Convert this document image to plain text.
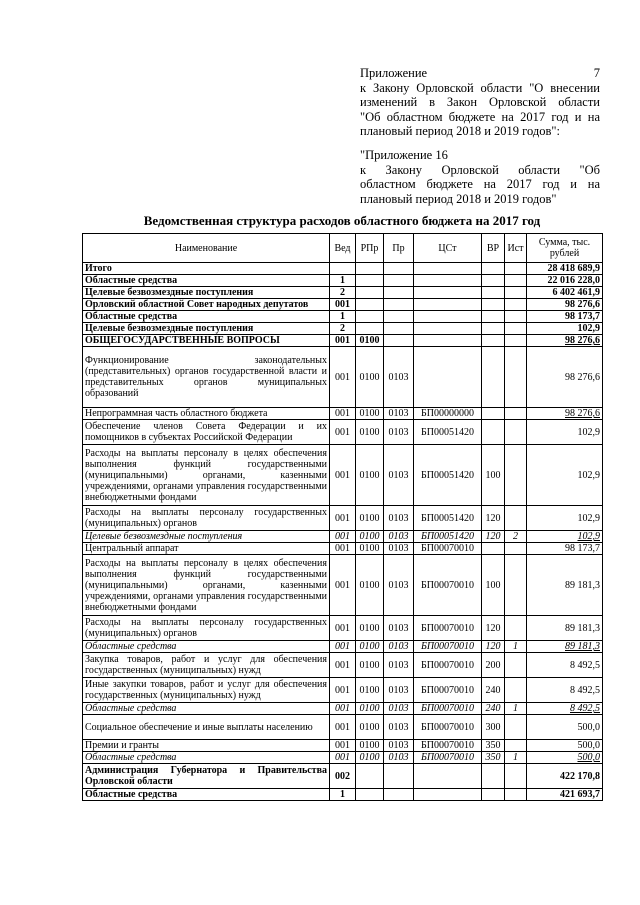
Приложение 7
к Закону Орловской области "О внесении
изменений в Закон Орловской области
"Об областном бюджете на 2017 год и на
плановый период 2018 и 2019 годов":
"Приложение 16
к Закону Орловской области "Об
областном бюджете на 2017 год и на
плановый период 2018 и 2019 годов"
Ведомственная структура расходов областного бюджета на 2017 год
Наименование	Вед	РПр	Пр	ЦСт	ВР	Ист	Сумма, тыс. рублей
Итого							28 418 689,9
Областные средства	1						22 016 228,0
Целевые безвозмездные поступления	2						6 402 461,9
Орловский областной Совет народных депутатов	001						98 276,6
Областные средства	1						98 173,7
Целевые безвозмездные поступления	2						102,9
ОБЩЕГОСУДАРСТВЕННЫЕ ВОПРОСЫ	001	0100					98 276,6
Функционирование законодательных (представительных) органов государственной власти и представительных органов муниципальных образований	001	0100	0103				98 276,6
Непрограммная часть областного бюджета	001	0100	0103	БП00000000			98 276,6
Обеспечение членов Совета Федерации и их помощников в субъектах Российской Федерации	001	0100	0103	БП00051420			102,9
Расходы на выплаты персоналу в целях обеспечения выполнения функций государственными (муниципальными) органами, казенными учреждениями, органами управления государственными внебюджетными фондами	001	0100	0103	БП00051420	100		102,9
Расходы на выплаты персоналу государственных (муниципальных) органов	001	0100	0103	БП00051420	120		102,9
Целевые безвозмездные поступления	001	0100	0103	БП00051420	120	2	102,9
Центральный аппарат	001	0100	0103	БП00070010			98 173,7
Расходы на выплаты персоналу в целях обеспечения выполнения функций государственными (муниципальными) органами, казенными учреждениями, органами управления государственными внебюджетными фондами	001	0100	0103	БП00070010	100		89 181,3
Расходы на выплаты персоналу государственных (муниципальных) органов	001	0100	0103	БП00070010	120		89 181,3
Областные средства	001	0100	0103	БП00070010	120	1	89 181,3
Закупка товаров, работ и услуг для обеспечения государственных (муниципальных) нужд	001	0100	0103	БП00070010	200		8 492,5
Иные закупки товаров, работ и услуг для обеспечения государственных (муниципальных) нужд	001	0100	0103	БП00070010	240		8 492,5
Областные средства	001	0100	0103	БП00070010	240	1	8 492,5
Социальное обеспечение и иные выплаты населению	001	0100	0103	БП00070010	300		500,0
Премии и гранты	001	0100	0103	БП00070010	350		500,0
Областные средства	001	0100	0103	БП00070010	350	1	500,0
Администрация Губернатора и Правительства Орловской области	002						422 170,8
Областные средства	1						421 693,7
